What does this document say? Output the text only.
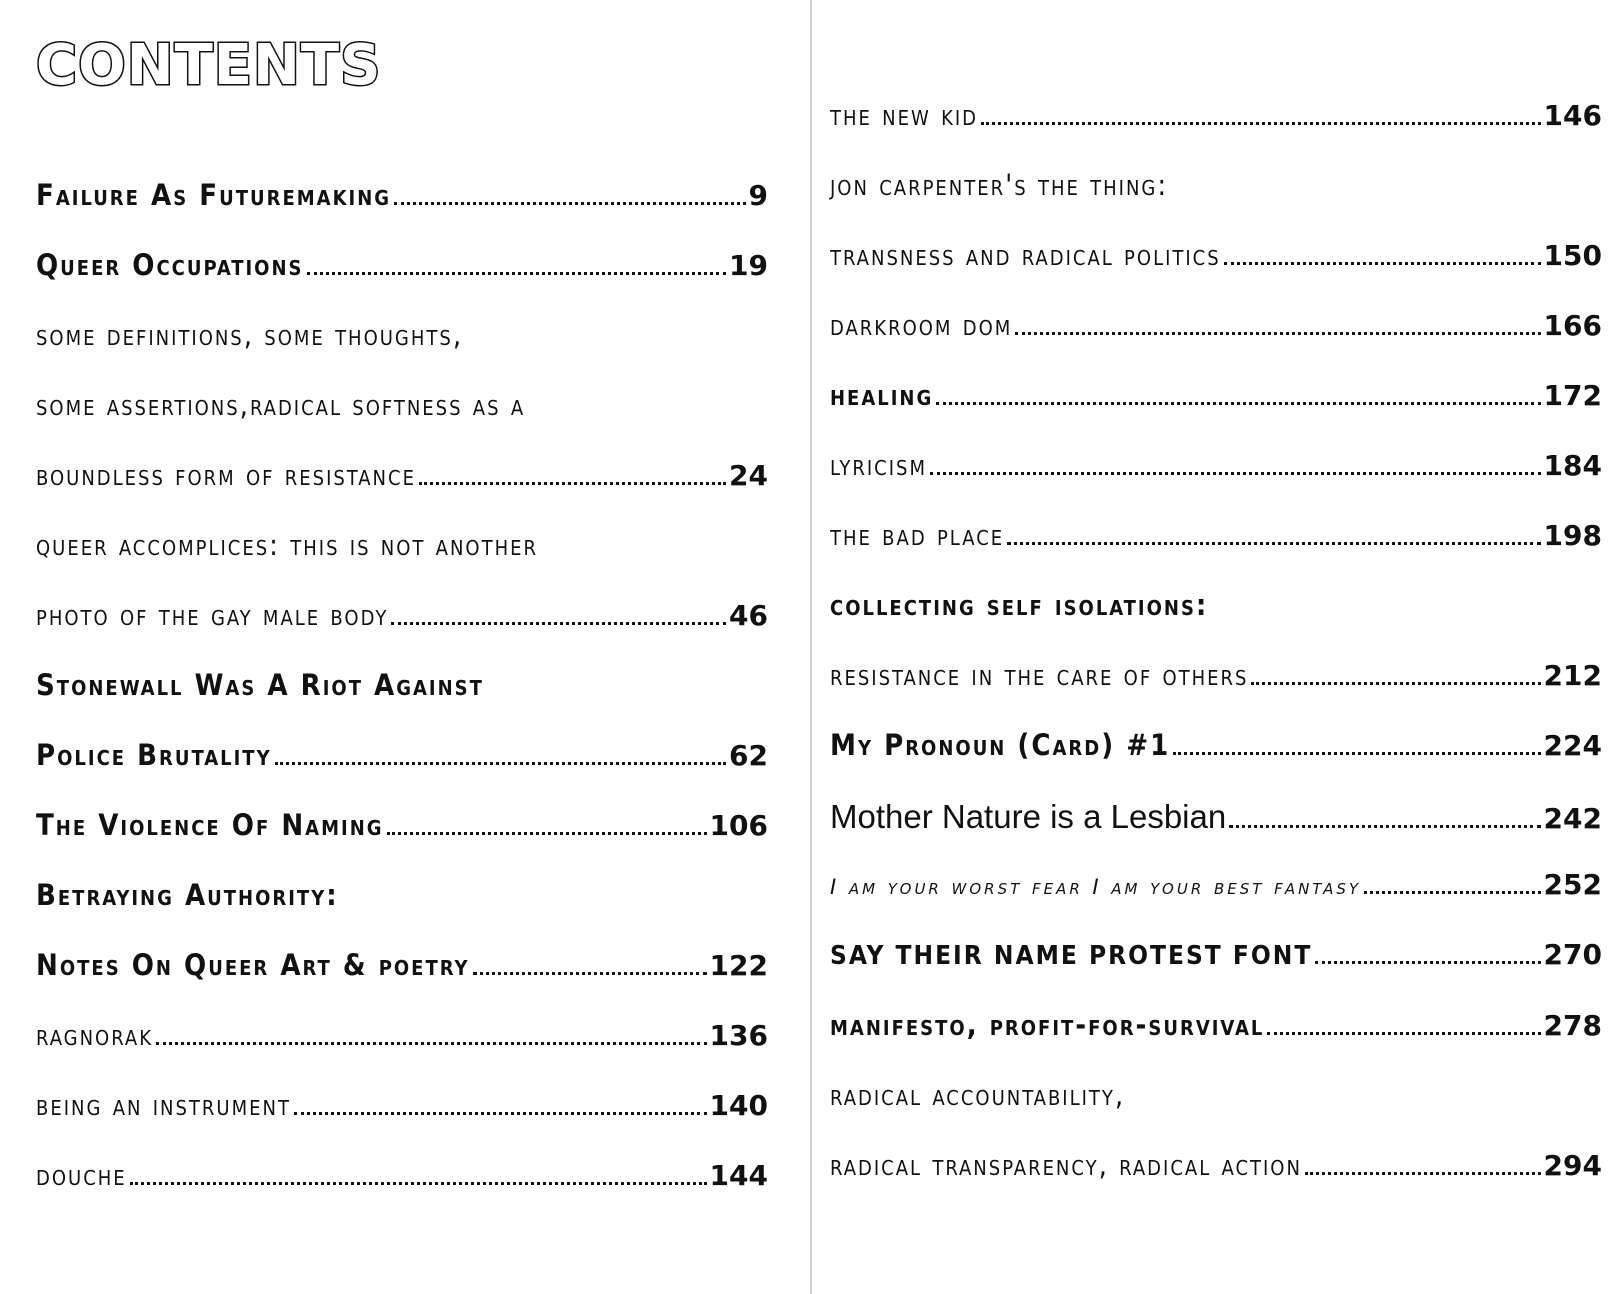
CONTENTS
Failure As Futuremaking	9
Queer Occupations	19
some definitions, some thoughts,
some assertions,radical softness as a
boundless form of resistance	24
queer accomplices: this is not another
photo of the gay male body	46
Stonewall Was A Riot Against
Police Brutality	62
The Violence Of Naming	106
Betraying Authority:
Notes On Queer Art & poetry	122
ragnorak	136
being an instrument	140
douche	144
the new kid	146
jon carpenter's the thing:
transness and radical politics	150
darkroom dom	166
healing	172
lyricism	184
the bad place	198
collecting self isolations:
resistance in the care of others	212
My Pronoun (Card) #1	224
Mother Nature is a Lesbian	242
I am your worst fear I am your best fantasy	252
SAY THEIR NAME PROTEST FONT	270
manifesto, profit-for-survival	278
radical accountability,
radical transparency, radical action	294
